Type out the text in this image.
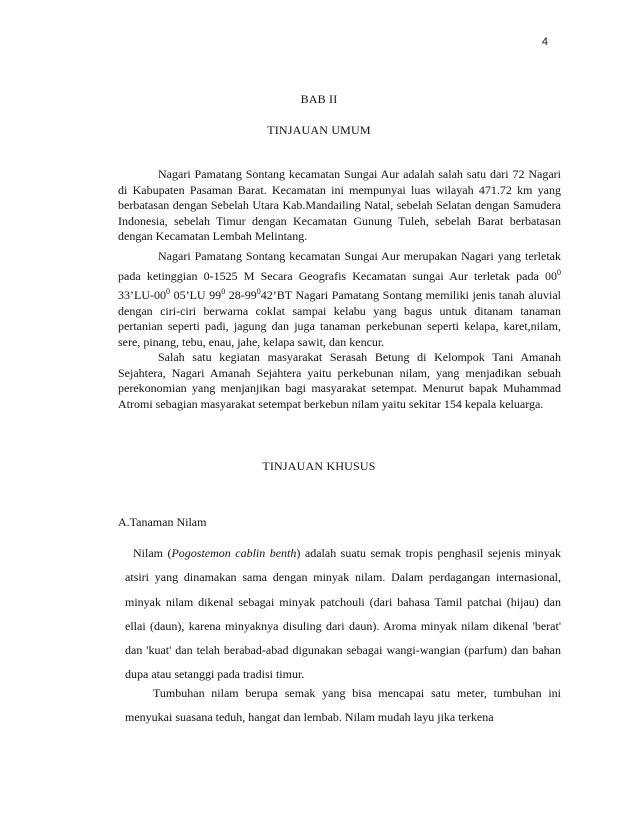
4
BAB II
TINJAUAN UMUM

Nagari Pamatang Sontang kecamatan Sungai Aur adalah salah satu dari 72 Nagari di Kabupaten Pasaman Barat. Kecamatan ini mempunyai luas wilayah 471.72 km yang berbatasan dengan Sebelah Utara Kab.Mandailing Natal, sebelah Selatan dengan Samudera Indonesia, sebelah Timur dengan Kecamatan Gunung Tuleh, sebelah Barat berbatasan dengan Kecamatan Lembah Melintang.

Nagari Pamatang Sontang kecamatan Sungai Aur merupakan Nagari yang terletak pada ketinggian 0-1525 M Secara Geografis Kecamatan sungai Aur terletak pada $00^0$ $33’LU-00^0$ 05’LU $99^0$ $28-99^042’BT$ Nagari Pamatang Sontang memiliki jenis tanah aluvial dengan ciri-ciri berwarna coklat sampai kelabu yang bagus untuk ditanam tanaman pertanian seperti padi, jagung dan juga tanaman perkebunan seperti kelapa, karet,nilam, sere, pinang, tebu, enau, jahe, kelapa sawit, dan kencur.

Salah satu kegiatan masyarakat Serasah Betung di Kelompok Tani Amanah Sejahtera, Nagari Amanah Sejahtera yaitu perkebunan nilam, yang menjadikan sebuah perekonomian yang menjanjikan bagi masyarakat setempat. Menurut bapak Muhammad Atromi sebagian masyarakat setempat berkebun nilam yaitu sekitar 154 kepala keluarga.

TINJAUAN KHUSUS
A.Tanaman Nilam

Nilam (Pogostemon cablin benth) adalah suatu semak tropis penghasil sejenis minyak atsiri yang dinamakan sama dengan minyak nilam. Dalam perdagangan internasional, minyak nilam dikenal sebagai minyak patchouli (dari bahasa Tamil patchai (hijau) dan ellai (daun), karena minyaknya disuling dari daun). Aroma minyak nilam dikenal 'berat' dan 'kuat' dan telah berabad-abad digunakan sebagai wangi-wangian (parfum) dan bahan dupa atau setanggi pada tradisi timur.

Tumbuhan nilam berupa semak yang bisa mencapai satu meter, tumbuhan ini menyukai suasana teduh, hangat dan lembab. Nilam mudah layu jika terkena
